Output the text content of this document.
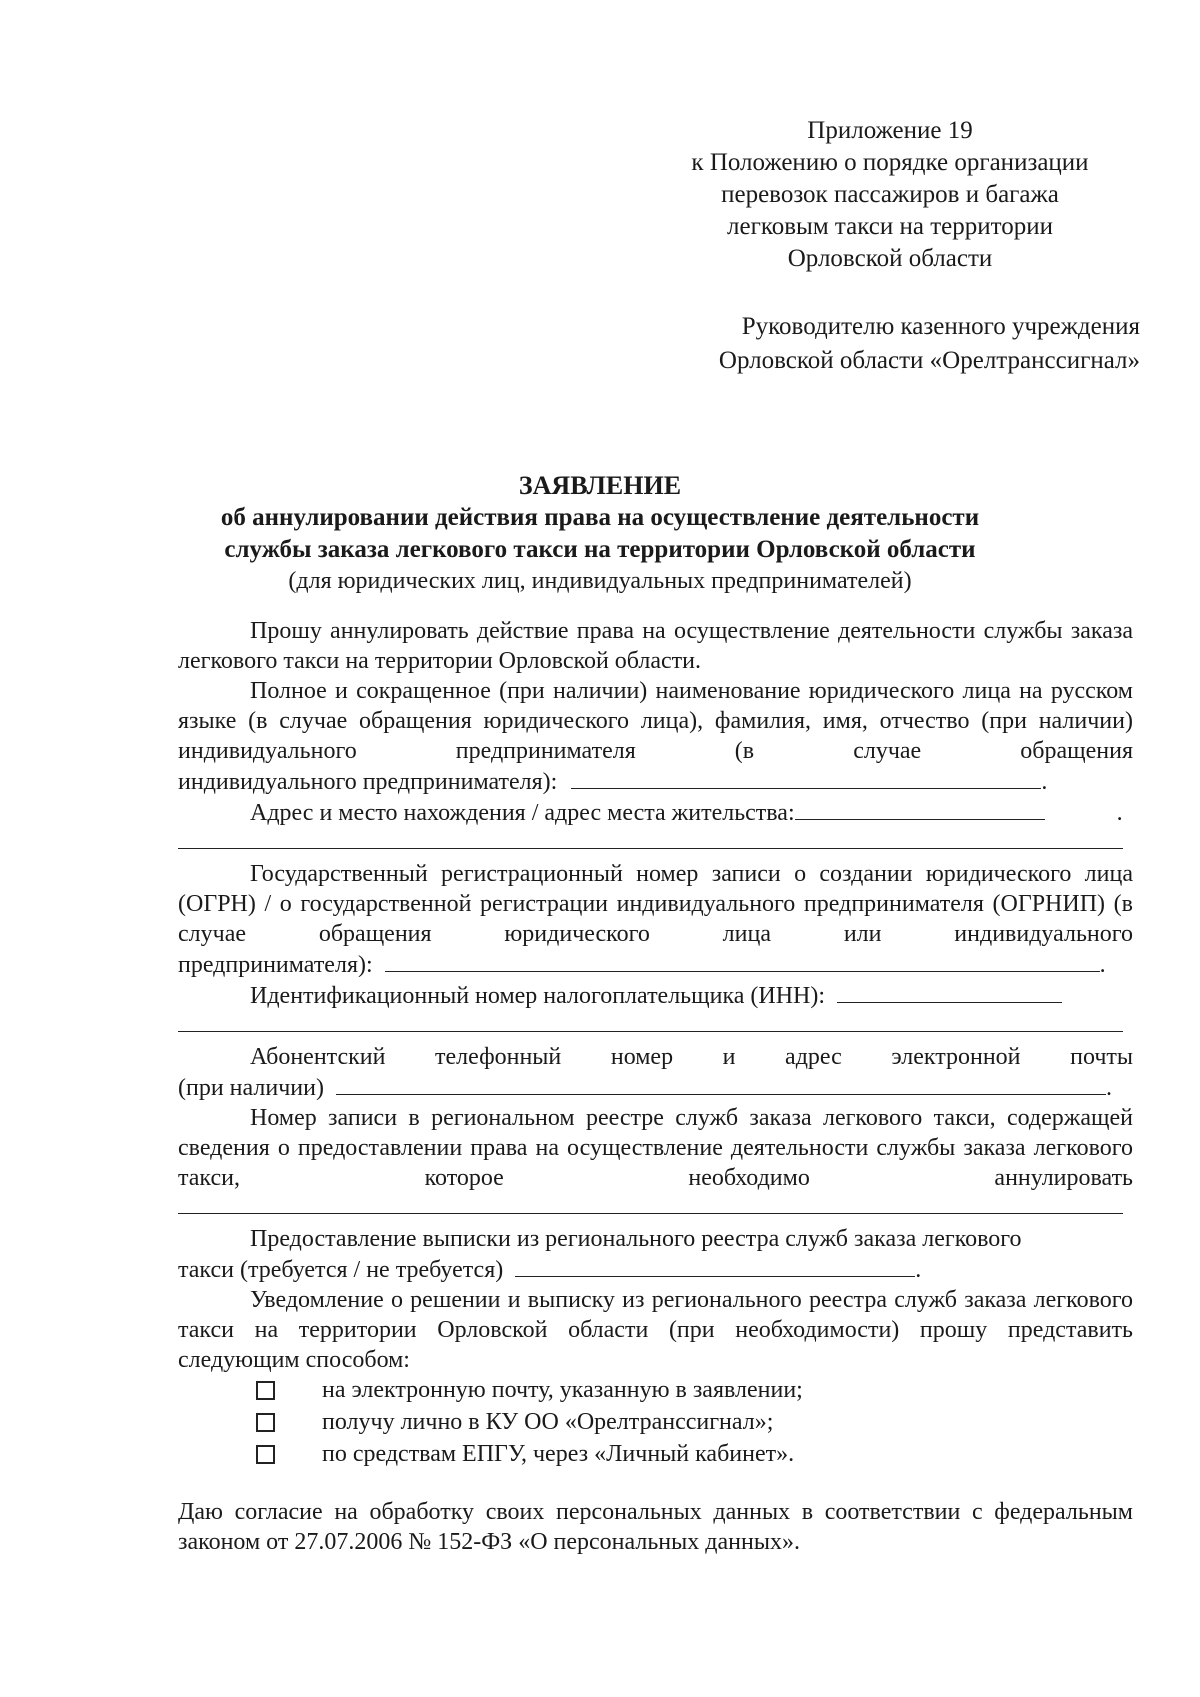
Приложение 19
к Положению о порядке организации
перевозок пассажиров и багажа
легковым такси на территории
Орловской области
Руководителю казенного учреждения
Орловской области «Орелтранссигнал»
ЗАЯВЛЕНИЕ
об аннулировании действия права на осуществление деятельности
службы заказа легкового такси на территории Орловской области
(для юридических лиц, индивидуальных предпринимателей)
Прошу аннулировать действие права на осуществление деятельности службы заказа легкового такси на территории Орловской области.
Полное и сокращенное (при наличии) наименование юридического лица на русском языке (в случае обращения юридического лица), фамилия, имя, отчество (при наличии) индивидуального предпринимателя (в случае обращения
индивидуального предпринимателя):	.
Адрес и место нахождения / адрес места жительства:	.
Государственный регистрационный номер записи о создании юридического лица (ОГРН) / о государственной регистрации индивидуального предпринимателя (ОГРНИП) (в случае обращения юридического лица или индивидуального
предпринимателя):	.
Идентификационный номер налогоплательщика (ИНН):
Абонентский телефонный номер и адрес электронной почты
(при наличии)	.
Номер записи в региональном реестре служб заказа легкового такси, содержащей сведения о предоставлении права на осуществление деятельности службы заказа легкового такси, которое необходимо аннулировать
Предоставление выписки из регионального реестра служб заказа легкового
такси (требуется / не требуется)	.
Уведомление о решении и выписку из регионального реестра служб заказа легкового такси на территории Орловской области (при необходимости) прошу представить следующим способом:
на электронную почту, указанную в заявлении;
получу лично в КУ ОО «Орелтранссигнал»;
по средствам ЕПГУ, через «Личный кабинет».
Даю согласие на обработку своих персональных данных в соответствии с федеральным законом от 27.07.2006 № 152-ФЗ «О персональных данных».
